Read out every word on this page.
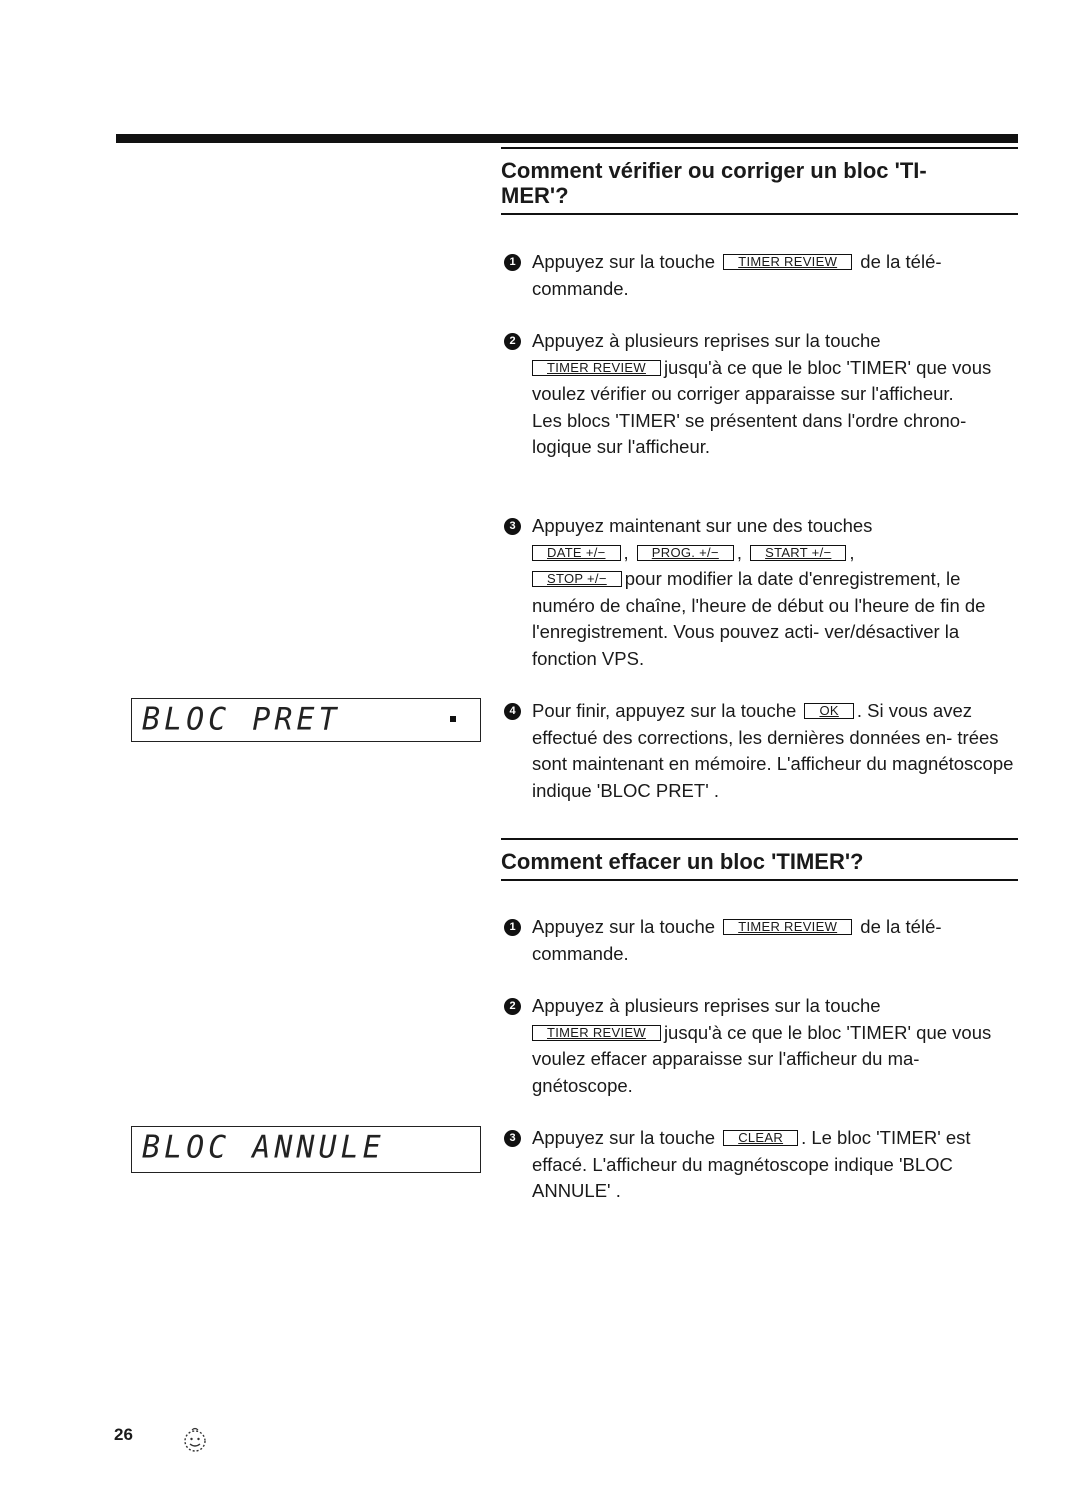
Comment vérifier ou corriger un bloc 'TI- MER'?
1 Appuyez sur la touche TIMER REVIEW de la télé- commande.
2 Appuyez à plusieurs reprises sur la touche

TIMER REVIEW jusqu'à ce que le bloc 'TIMER' que vous voulez vérifier ou corriger apparaisse sur l'afficheur.

Les blocs 'TIMER' se présentent dans l'ordre chrono- logique sur l'afficheur.

3 Appuyez maintenant sur une des touches

DATE +/− , PROG. +/− , START +/− ,

STOP +/− pour modifier la date d'enregistrement, le numéro de chaîne, l'heure de début ou l'heure de fin de l'enregistrement. Vous pouvez acti- ver/désactiver la fonction VPS.

4 Pour finir, appuyez sur la touche OK . Si vous avez effectué des corrections, les dernières données en- trées sont maintenant en mémoire. L'afficheur du magnétoscope indique 'BLOC PRET' .
BLOC PRET
Comment effacer un bloc 'TIMER'?
1 Appuyez sur la touche TIMER REVIEW de la télé- commande.
2 Appuyez à plusieurs reprises sur la touche

TIMER REVIEW jusqu'à ce que le bloc 'TIMER' que vous voulez effacer apparaisse sur l'afficheur du ma- gnétoscope.

3 Appuyez sur la touche CLEAR . Le bloc 'TIMER' est effacé. L'afficheur du magnétoscope indique 'BLOC ANNULE' .
BLOC ANNULE
26
